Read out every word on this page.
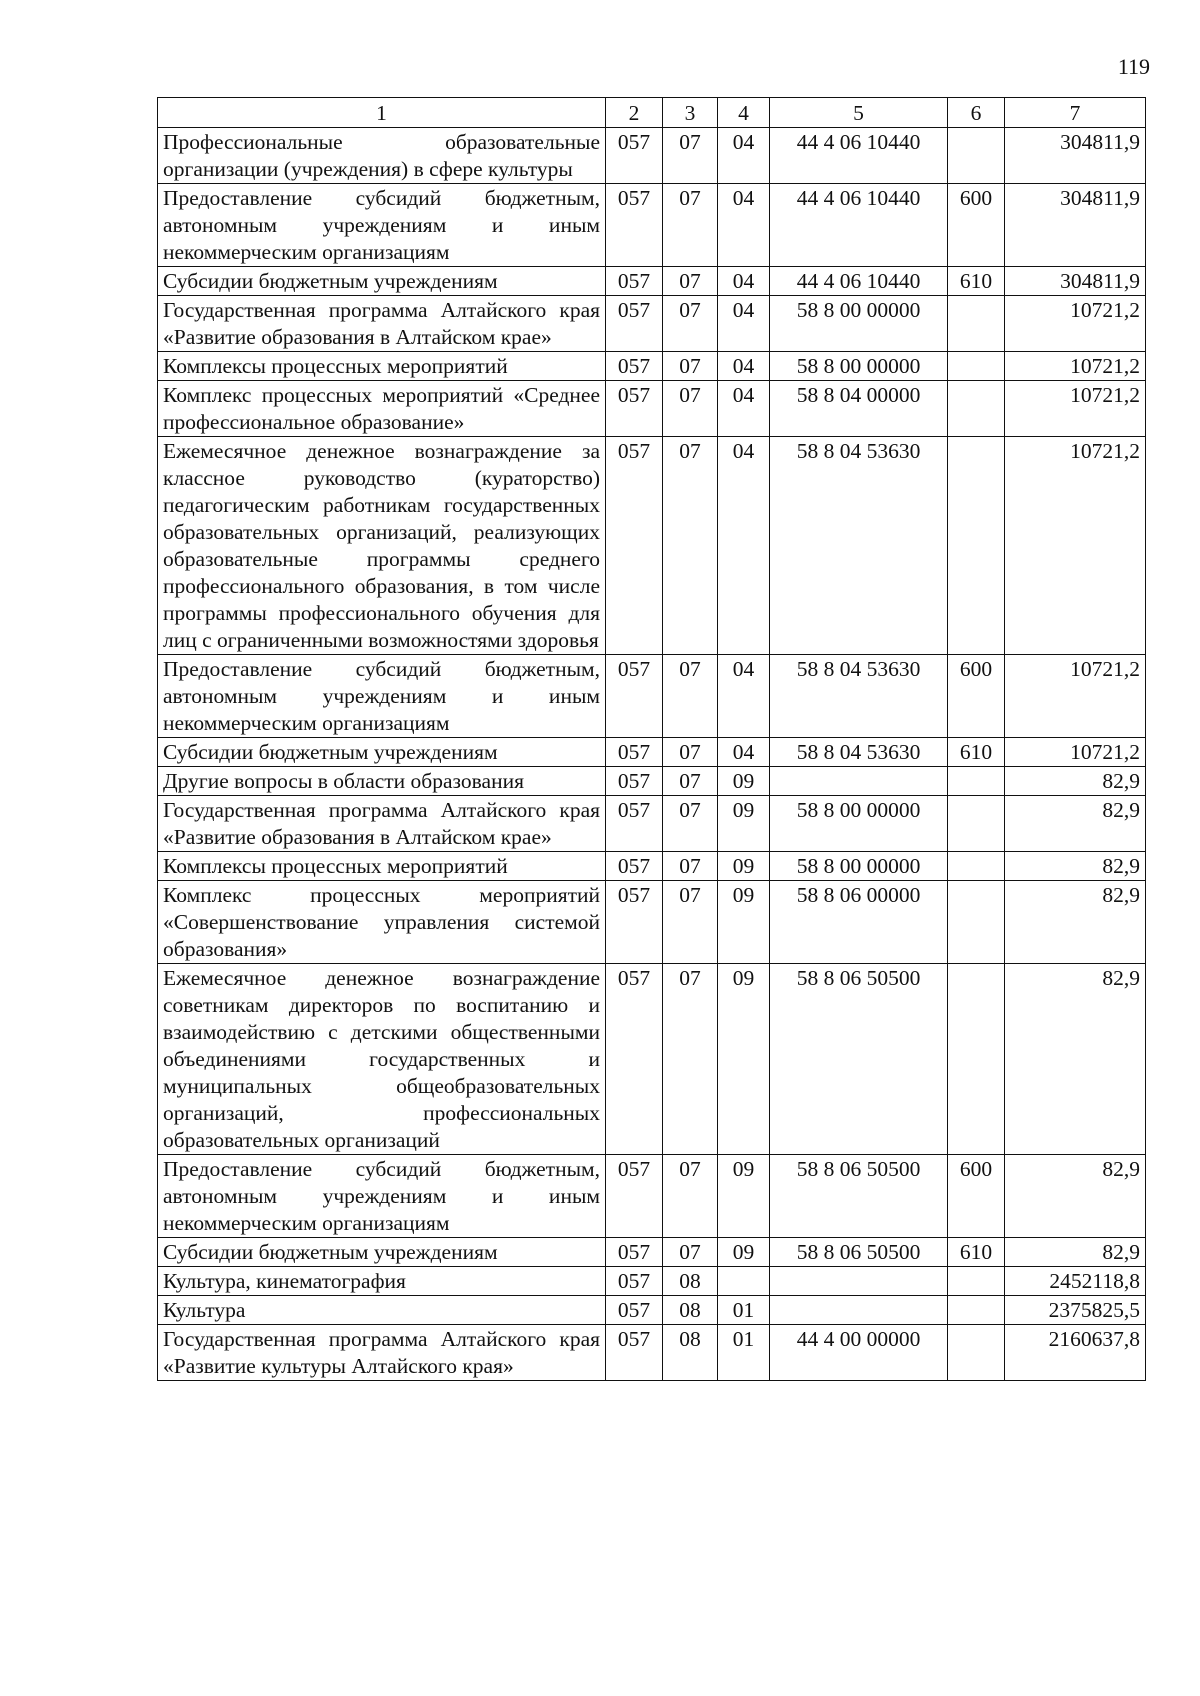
119
1	2	3	4	5	6	7
Профессиональные образовательные организации (учреждения) в сфере культуры	057	07	04	44 4 06 10440		304811,9
Предоставление субсидий бюджетным, автономным учреждениям и иным некоммерческим организациям	057	07	04	44 4 06 10440	600	304811,9
Субсидии бюджетным учреждениям	057	07	04	44 4 06 10440	610	304811,9
Государственная программа Алтайского края «Развитие образования в Алтайском крае»	057	07	04	58 8 00 00000		10721,2
Комплексы процессных мероприятий	057	07	04	58 8 00 00000		10721,2
Комплекс процессных мероприятий «Среднее профессиональное образование»	057	07	04	58 8 04 00000		10721,2
Ежемесячное денежное вознаграждение за классное руководство (кураторство) педагогическим работникам государственных образовательных организаций, реализующих образовательные программы среднего профессионального образования, в том числе программы профессионального обучения для лиц с ограниченными возможностями здоровья	057	07	04	58 8 04 53630		10721,2
Предоставление субсидий бюджетным, автономным учреждениям и иным некоммерческим организациям	057	07	04	58 8 04 53630	600	10721,2
Субсидии бюджетным учреждениям	057	07	04	58 8 04 53630	610	10721,2
Другие вопросы в области образования	057	07	09			82,9
Государственная программа Алтайского края «Развитие образования в Алтайском крае»	057	07	09	58 8 00 00000		82,9
Комплексы процессных мероприятий	057	07	09	58 8 00 00000		82,9
Комплекс процессных мероприятий «Совершенствование управления системой образования»	057	07	09	58 8 06 00000		82,9
Ежемесячное денежное вознаграждение советникам директоров по воспитанию и взаимодействию с детскими общественными объединениями государственных и муниципальных общеобразовательных организаций, профессиональных образовательных организаций	057	07	09	58 8 06 50500		82,9
Предоставление субсидий бюджетным, автономным учреждениям и иным некоммерческим организациям	057	07	09	58 8 06 50500	600	82,9
Субсидии бюджетным учреждениям	057	07	09	58 8 06 50500	610	82,9
Культура, кинематография	057	08				2452118,8
Культура	057	08	01			2375825,5
Государственная программа Алтайского края «Развитие культуры Алтайского края»	057	08	01	44 4 00 00000		2160637,8
